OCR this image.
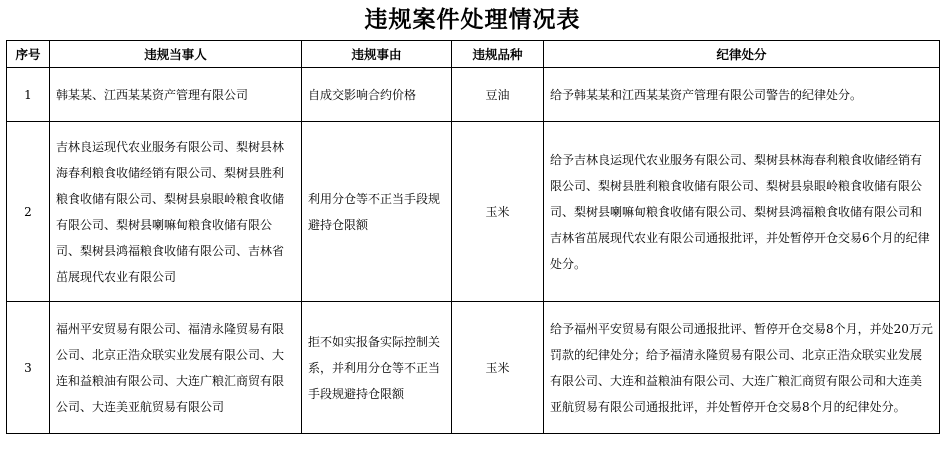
违规案件处理情况表
序号	违规当事人	违规事由	违规品种	纪律处分
1	韩某某、江西某某资产管理有限公司	自成交影响合约价格	豆油	给予韩某某和江西某某资产管理有限公司警告的纪律处分。
2	吉林良运现代农业服务有限公司、梨树县林海春利粮食收储经销有限公司、梨树县胜利粮食收储有限公司、梨树县泉眼岭粮食收储有限公司、梨树县喇嘛甸粮食收储有限公司、梨树县鸿福粮食收储有限公司、吉林省茁展现代农业有限公司	利用分仓等不正当手段规避持仓限额	玉米	给予吉林良运现代农业服务有限公司、梨树县林海春利粮食收储经销有限公司、梨树县胜利粮食收储有限公司、梨树县泉眼岭粮食收储有限公司、梨树县喇嘛甸粮食收储有限公司、梨树县鸿福粮食收储有限公司和吉林省茁展现代农业有限公司通报批评，并处暂停开仓交易6个月的纪律处分。
3	福州平安贸易有限公司、福清永隆贸易有限公司、北京正浩众联实业发展有限公司、大连和益粮油有限公司、大连广粮汇商贸有限公司、大连美亚航贸易有限公司	拒不如实报备实际控制关系，并利用分仓等不正当手段规避持仓限额	玉米	给予福州平安贸易有限公司通报批评、暂停开仓交易8个月，并处20万元罚款的纪律处分；给予福清永隆贸易有限公司、北京正浩众联实业发展有限公司、大连和益粮油有限公司、大连广粮汇商贸有限公司和大连美亚航贸易有限公司通报批评，并处暂停开仓交易8个月的纪律处分。
